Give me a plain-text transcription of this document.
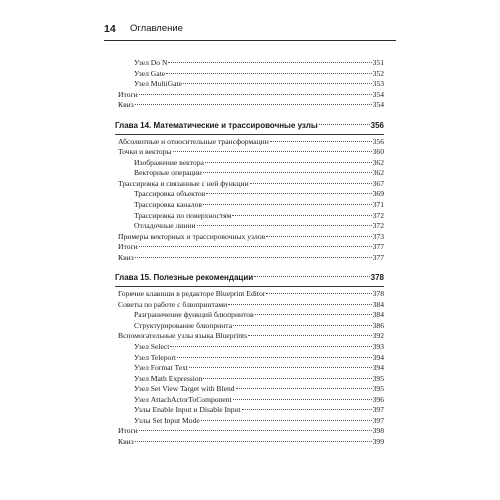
14 Оглавление
Узел Do N	351
Узел Gate	352
Узел MultiGate	353
Итоги	354
Квиз	354
Глава 14. Математические и трассировочные узлы	356
Абсолютные и относительные трансформации	356
Точки и векторы	360
Изображение вектора	362
Векторные операции	362
Трассировка и связанные с ней функции	367
Трассировка объектов	369
Трассировка каналов	371
Трассировка по поверхностям	372
Отладочные линии	372
Примеры векторных и трассировочных узлов	373
Итоги	377
Квиз	377
Глава 15. Полезные рекомендации	378
Горячие клавиши в редакторе Blueprint Editor	378
Советы по работе с блюпринтами	384
Разграничение функций блюпринтов	384
Структурирование блюпринта	386
Вспомогательные узлы языка Blueprints	392
Узел Select	393
Узел Teleport	394
Узел Format Text	394
Узел Math Expression	395
Узел Set View Target with Blend	395
Узел AttachActorToComponent	396
Узлы Enable Input и Disable Input	397
Узлы Set Input Mode	397
Итоги	398
Квиз	399
